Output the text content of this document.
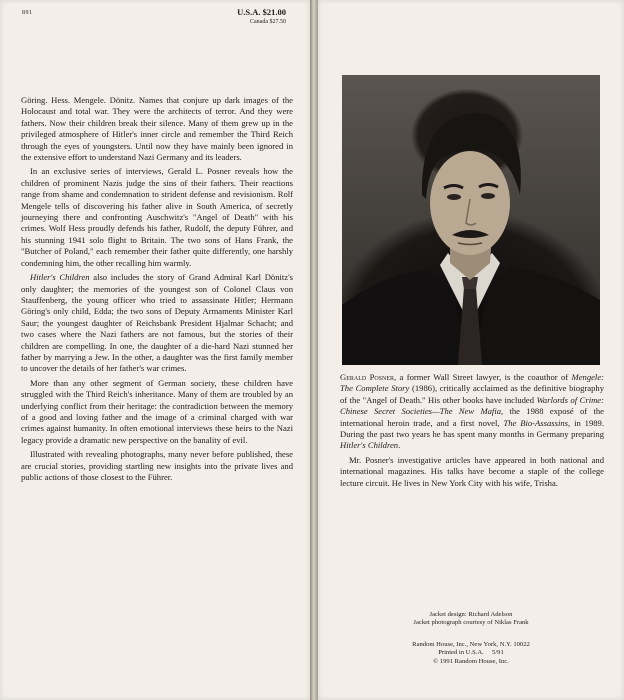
891	U.S.A. $21.00
Canada $27.50

Göring. Hess. Mengele. Dönitz. Names that conjure up dark images of the Holocaust and total war. They were the architects of terror. And they were fathers. Now their children break their silence. Many of them grew up in the privileged atmosphere of Hitler's inner circle and remember the Third Reich through the eyes of youngsters. Until now they have mainly been ignored in the extensive effort to understand Nazi Germany and its leaders.

In an exclusive series of interviews, Gerald L. Posner reveals how the children of prominent Nazis judge the sins of their fathers. Their reactions range from shame and condemnation to strident defense and revisionism. Rolf Mengele tells of discovering his father alive in South America, of secretly journeying there and confronting Auschwitz's "Angel of Death" with his crimes. Wolf Hess proudly defends his father, Rudolf, the deputy Führer, and his stunning 1941 solo flight to Britain. The two sons of Hans Frank, the "Butcher of Poland," each remember their father quite differently, one harshly condemning him, the other recalling him warmly.

Hitler's Children also includes the story of Grand Admiral Karl Dönitz's only daughter; the memories of the youngest son of Colonel Claus von Stauffenberg, the young officer who tried to assassinate Hitler; Hermann Göring's only child, Edda; the two sons of Deputy Armaments Minister Karl Saur; the youngest daughter of Reichsbank President Hjalmar Schacht; and two cases where the Nazi fathers are not famous, but the stories of their children are compelling. In one, the daughter of a die-hard Nazi stunned her father by marrying a Jew. In the other, a daughter was the first family member to uncover the details of her father's war crimes.

More than any other segment of German society, these children have struggled with the Third Reich's inheritance. Many of them are troubled by an underlying conflict from their heritage: the contradiction between the memory of a good and loving father and the image of a criminal charged with war crimes against humanity. In often emotional interviews these heirs to the Nazi legacy provide a dramatic new perspective on the banality of evil.

Illustrated with revealing photographs, many never before published, these are crucial stories, providing startling new insights into the private lives and public actions of those closest to the Führer.

Gerald Posner, a former Wall Street lawyer, is the coauthor of Mengele: The Complete Story (1986), critically acclaimed as the definitive biography of the "Angel of Death." His other books have included Warlords of Crime: Chinese Secret Societies—The New Mafia, the 1988 exposé of the international heroin trade, and a first novel, The Bio-Assassins, in 1989. During the past two years he has spent many months in Germany preparing Hitler's Children.

Mr. Posner's investigative articles have appeared in both national and international magazines. His talks have become a staple of the college lecture circuit. He lives in New York City with his wife, Trisha.

Jacket design: Richard Adelson
Jacket photograph courtesy of Niklas Frank
Random House, Inc., New York, N.Y. 10022
Printed in U.S.A.     5/91
© 1991 Random House, Inc.
